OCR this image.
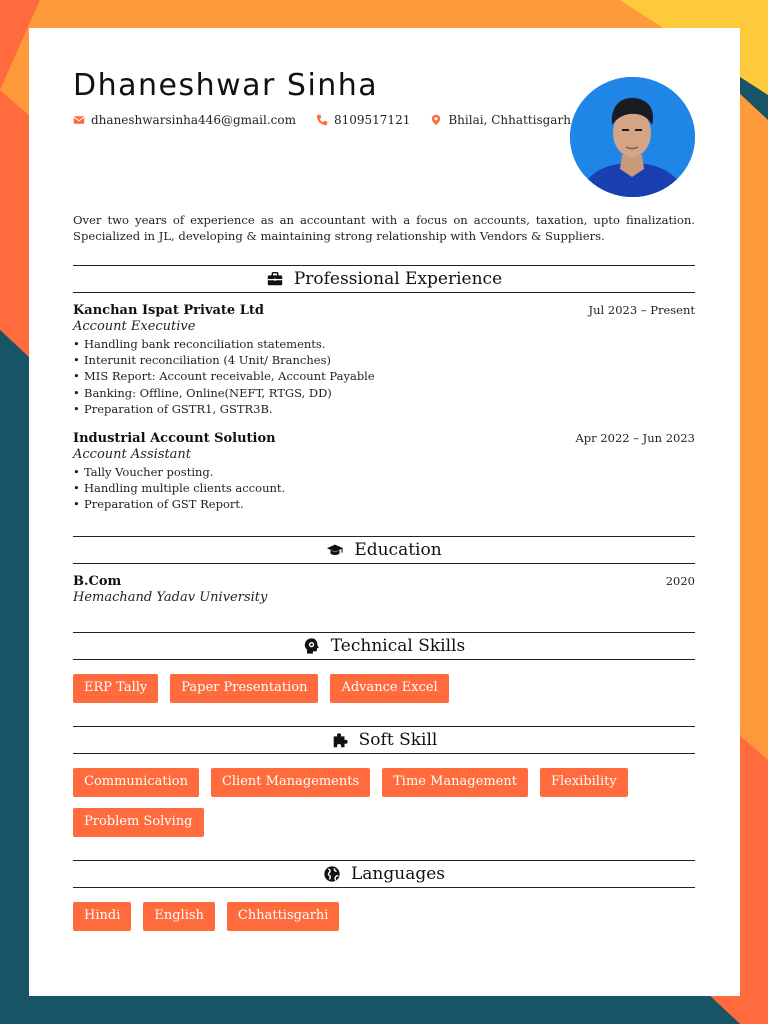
Dhaneshwar Sinha
dhaneshwarsinha446@gmail.com	8109517121	Bhilai, Chhattisgarh

Over two years of experience as an accountant with a focus on accounts, taxation, upto finalization. Specialized in JL, developing & maintaining strong relationship with Vendors & Suppliers.

Professional Experience
Kanchan Ispat Private Ltd	Jul 2023 – Present
Account Executive
• Handling bank reconciliation statements.
• Interunit reconciliation (4 Unit/ Branches)
• MIS Report: Account receivable, Account Payable
• Banking: Offline, Online(NEFT, RTGS, DD)
• Preparation of GSTR1, GSTR3B.
Industrial Account Solution	Apr 2022 – Jun 2023
Account Assistant
• Tally Voucher posting.
• Handling multiple clients account.
• Preparation of GST Report.
Education
B.Com	2020
Hemachand Yadav University
Technical Skills
ERP Tally	Paper Presentation	Advance Excel
Soft Skill
Communication	Client Managements	Time Management	Flexibility
Problem Solving
Languages
Hindi	English	Chhattisgarhi
